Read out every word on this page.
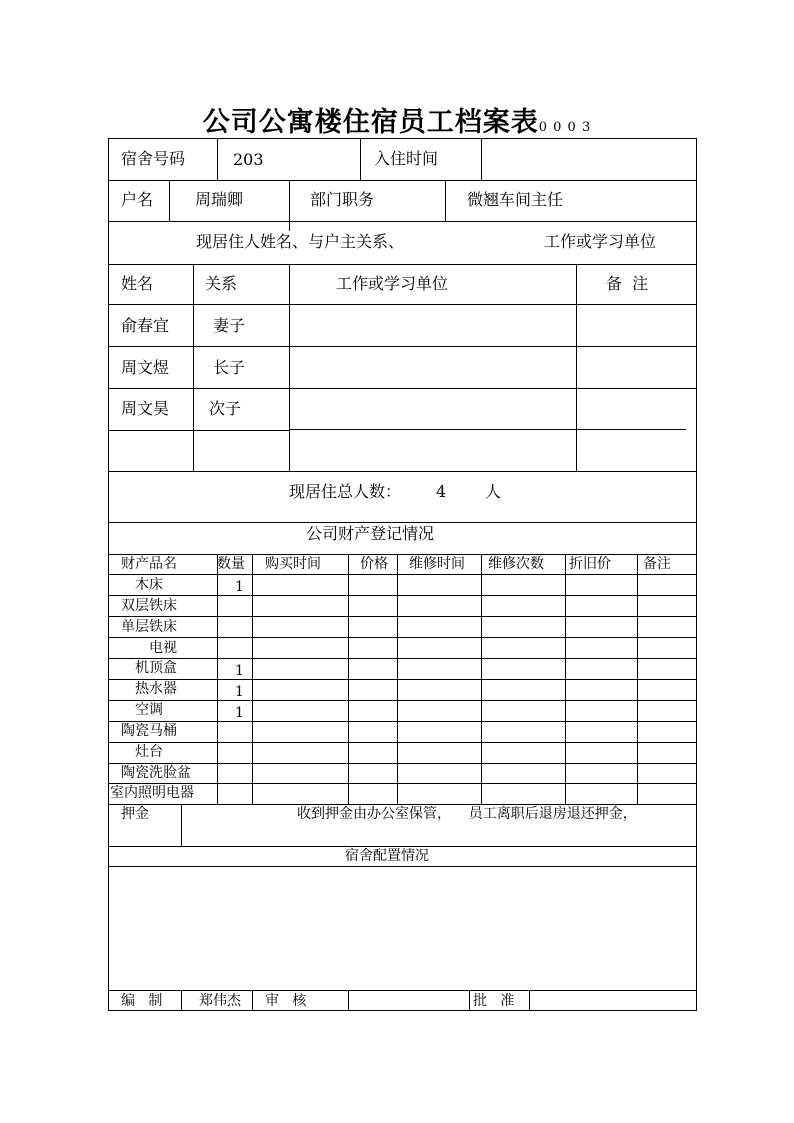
公司公寓楼住宿员工档案表0 0 0 3
宿舍号码	203	入住时间
户名	周瑞卿	部门职务	微翘车间主任
现居住人姓名、与户主关系、	工作或学习单位
姓名	关系	工作或学习单位	备  注
俞春宜	妻子
周文煜	长子
周文昊 次子
现居住总人数： 4 人
公司财产登记情况
财产品名	数量 购买时间	价格 维修时间 维修次数 折旧价 备注
木床	1
双层铁床
单层铁床
电视
机顶盒	1
热水器	1
空调	1
陶瓷马桶
灶台
陶瓷洗脸盆
室内照明电器
押金	收到押金由办公室保管，    员工离职后退房退还押金，
宿舍配置情况
编   制	郑伟杰 审   核	批   准
